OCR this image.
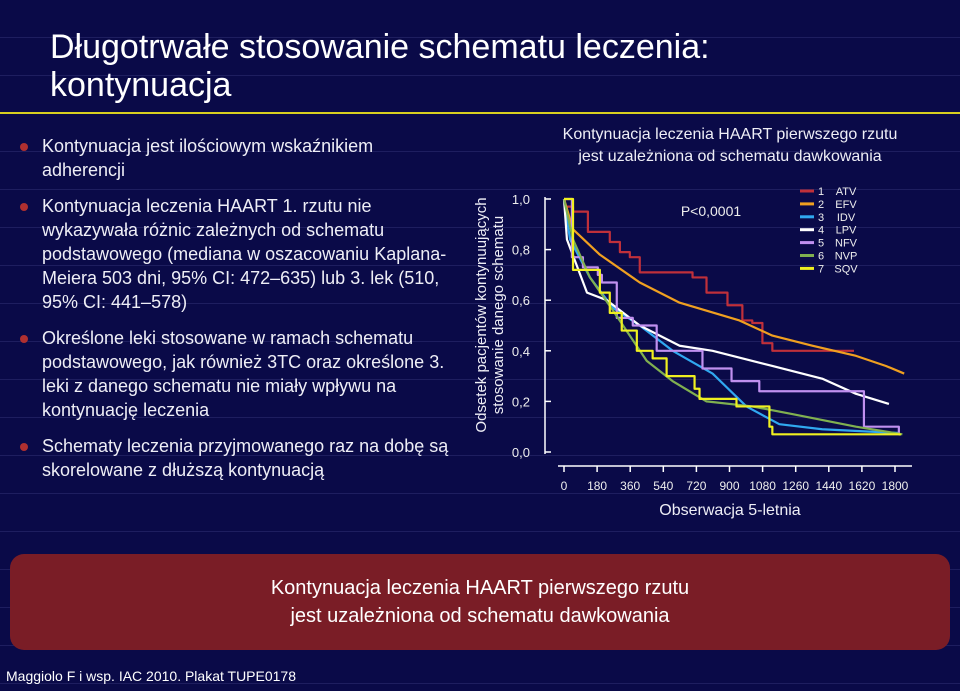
Długotrwałe stosowanie schematu leczenia:
kontynuacja
Kontynuacja jest ilościowym wskaźnikiem adherencji
Kontynuacja leczenia HAART 1. rzutu nie wykazywała różnic zależnych od schematu podstawowego (mediana w oszacowaniu Kaplana-Meiera 503 dni, 95% CI: 472–635) lub 3. lek (510, 95% CI: 441–578)
Określone leki stosowane w ramach schematu podstawowego, jak również 3TC oraz określone 3. leki z danego schematu nie miały wpływu na kontynuację leczenia
Schematy leczenia przyjmowanego raz na dobę są skorelowane z dłuższą kontynuacją
Kontynuacja leczenia HAART pierwszego rzutu
jest uzależniona od schematu dawkowania
Odsetek pacjentów kontynuujących stosowanie danego schematu
0,0
0,2
0,4
0,6
0,8
1,0
0 180 360 540 720 900 1080 1260 1440 1620 1800
P<0,0001
1 ATV
2 EFV
3 IDV
4 LPV
5 NFV
6 NVP
7 SQV
Obserwacja 5-letnia
Kontynuacja leczenia HAART pierwszego rzutu
jest uzależniona od schematu dawkowania
Maggiolo F i wsp. IAC 2010. Plakat TUPE0178
